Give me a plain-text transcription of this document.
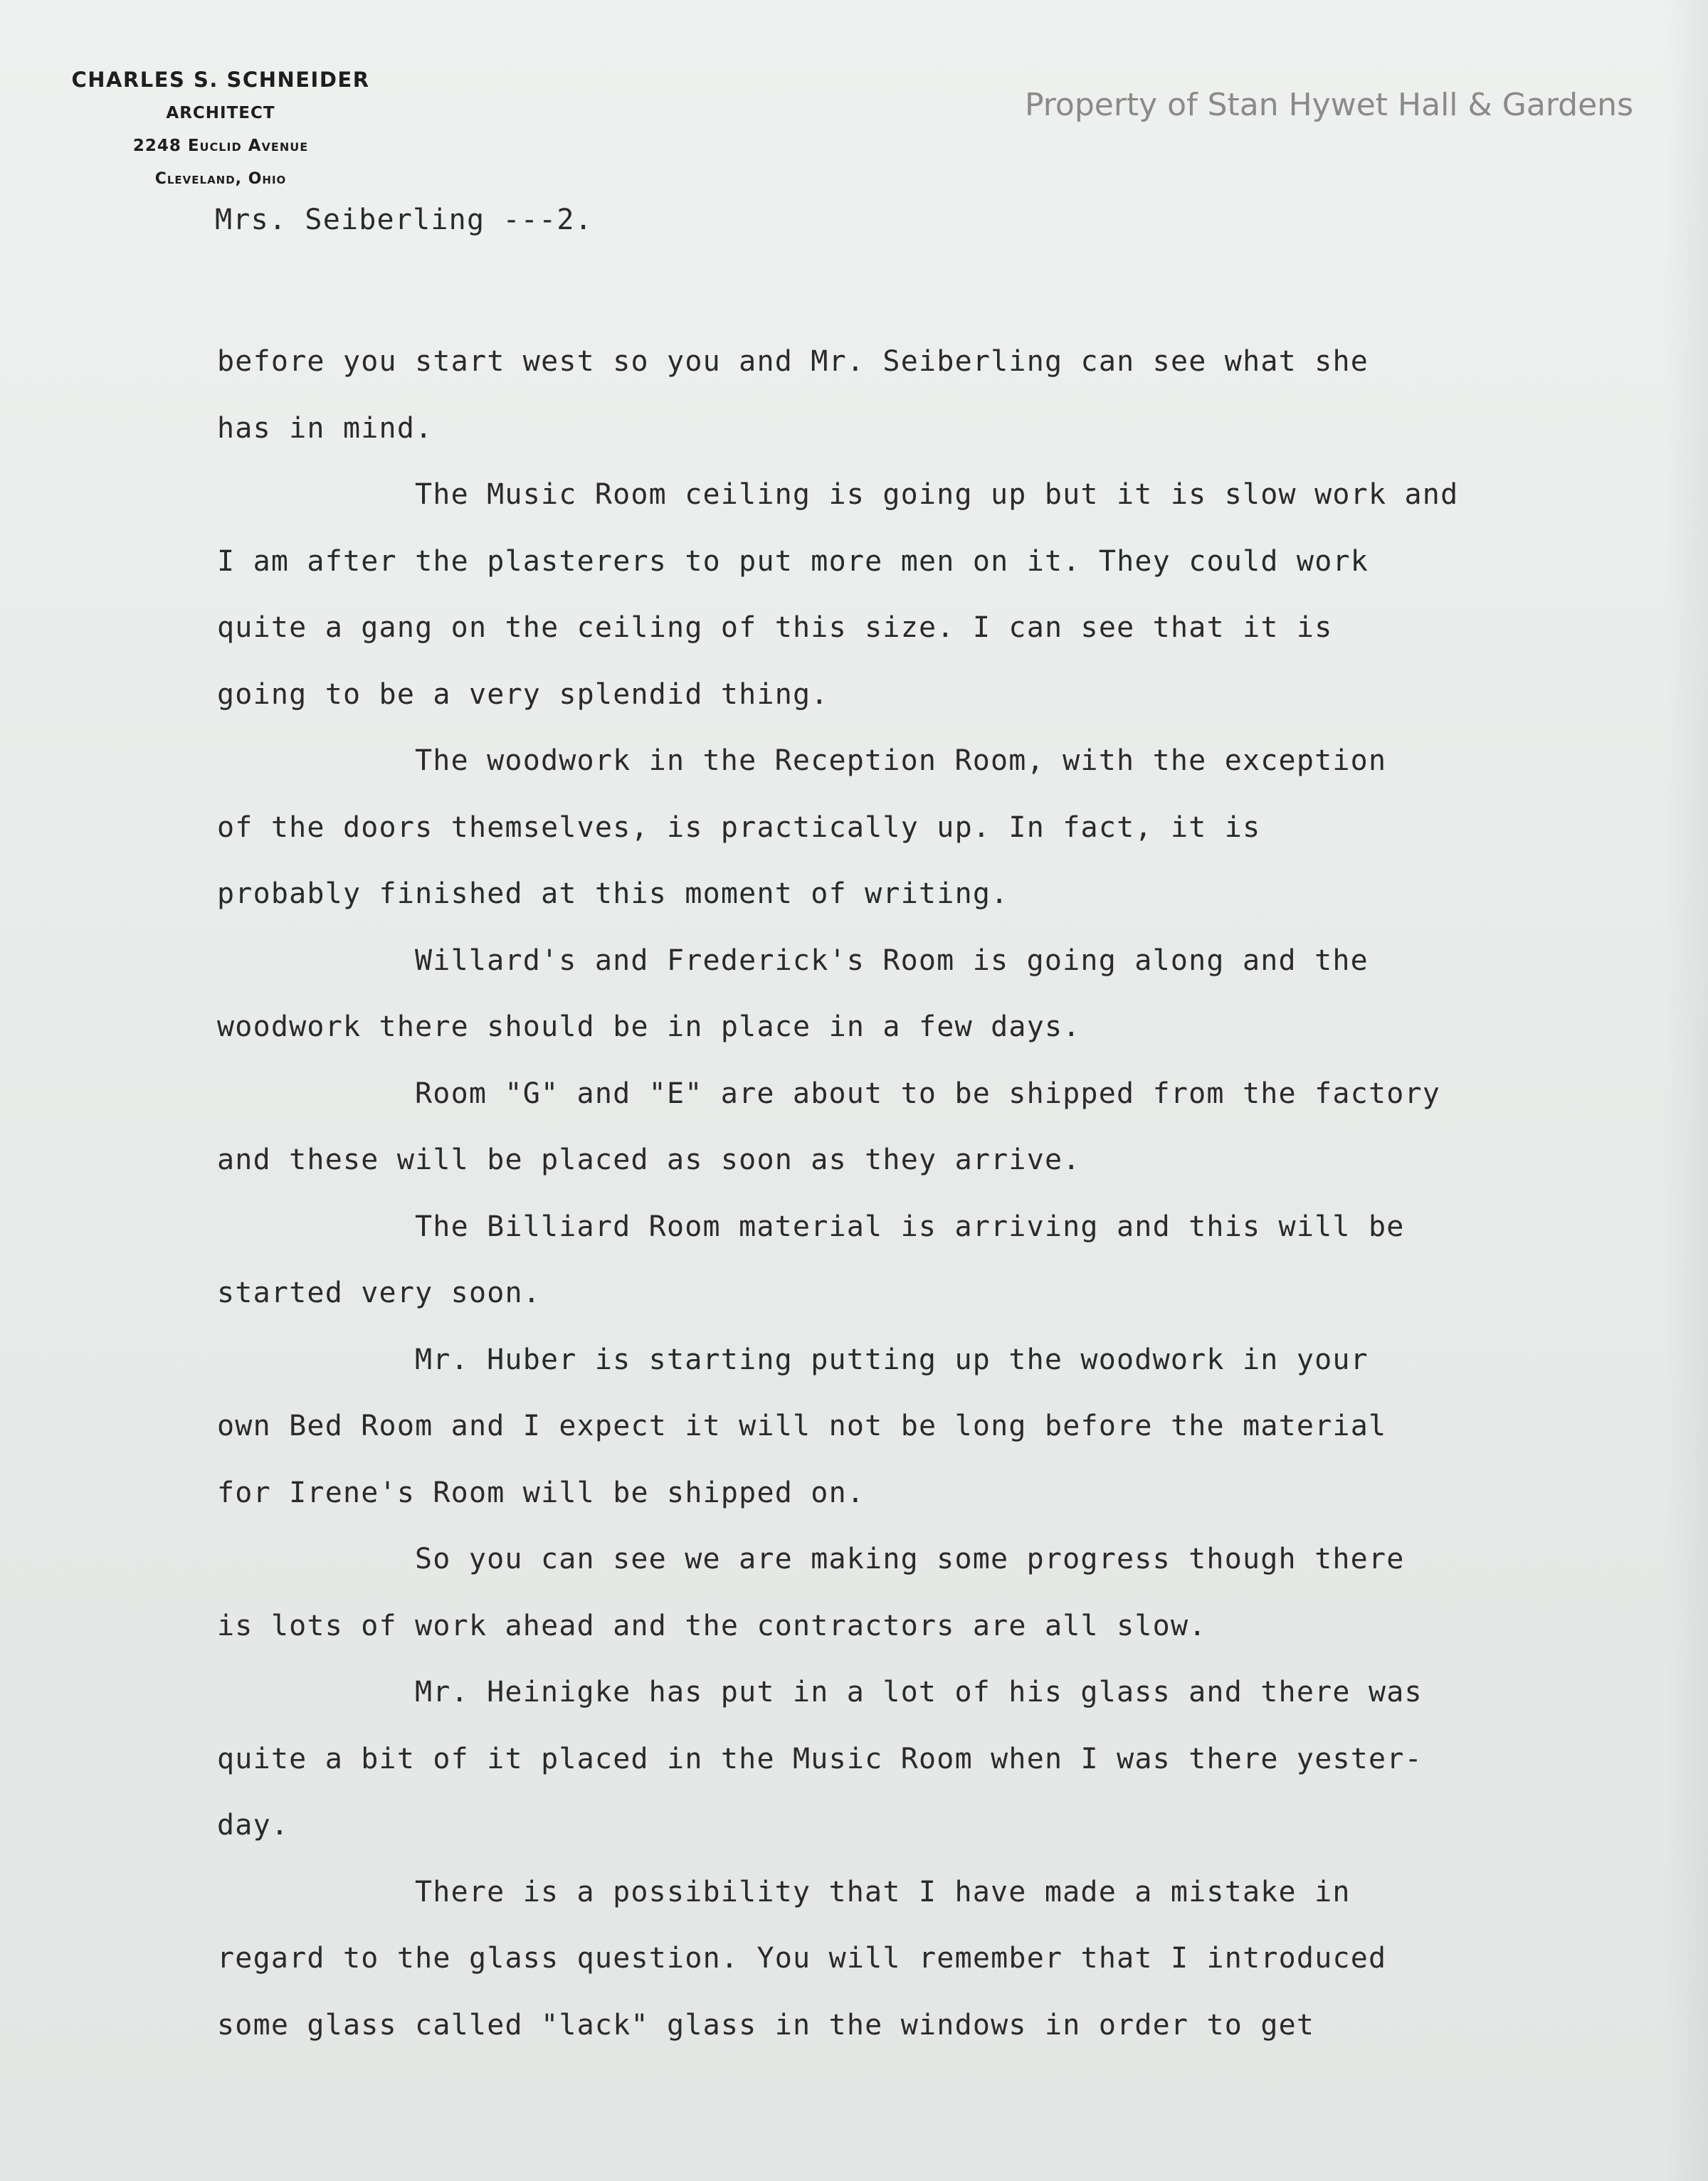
CHARLES S. SCHNEIDER
ARCHITECT
2248 Euclid Avenue
Cleveland, Ohio
Property of Stan Hywet Hall & Gardens
Mrs. Seiberling ---2.
before you start west so you and Mr. Seiberling can see what she
has in mind.
The Music Room ceiling is going up but it is slow work and
I am after the plasterers to put more men on it. They could work
quite a gang on the ceiling of this size. I can see that it is
going to be a very splendid thing.
The woodwork in the Reception Room, with the exception
of the doors themselves, is practically up. In fact, it is
probably finished at this moment of writing.
Willard's and Frederick's Room is going along and the
woodwork there should be in place in a few days.
Room "G" and "E" are about to be shipped from the factory
and these will be placed as soon as they arrive.
The Billiard Room material is arriving and this will be
started very soon.
Mr. Huber is starting putting up the woodwork in your
own Bed Room and I expect it will not be long before the material
for Irene's Room will be shipped on.
So you can see we are making some progress though there
is lots of work ahead and the contractors are all slow.
Mr. Heinigke has put in a lot of his glass and there was
quite a bit of it placed in the Music Room when I was there yester-
day.
There is a possibility that I have made a mistake in
regard to the glass question. You will remember that I introduced
some glass called "lack" glass in the windows in order to get
